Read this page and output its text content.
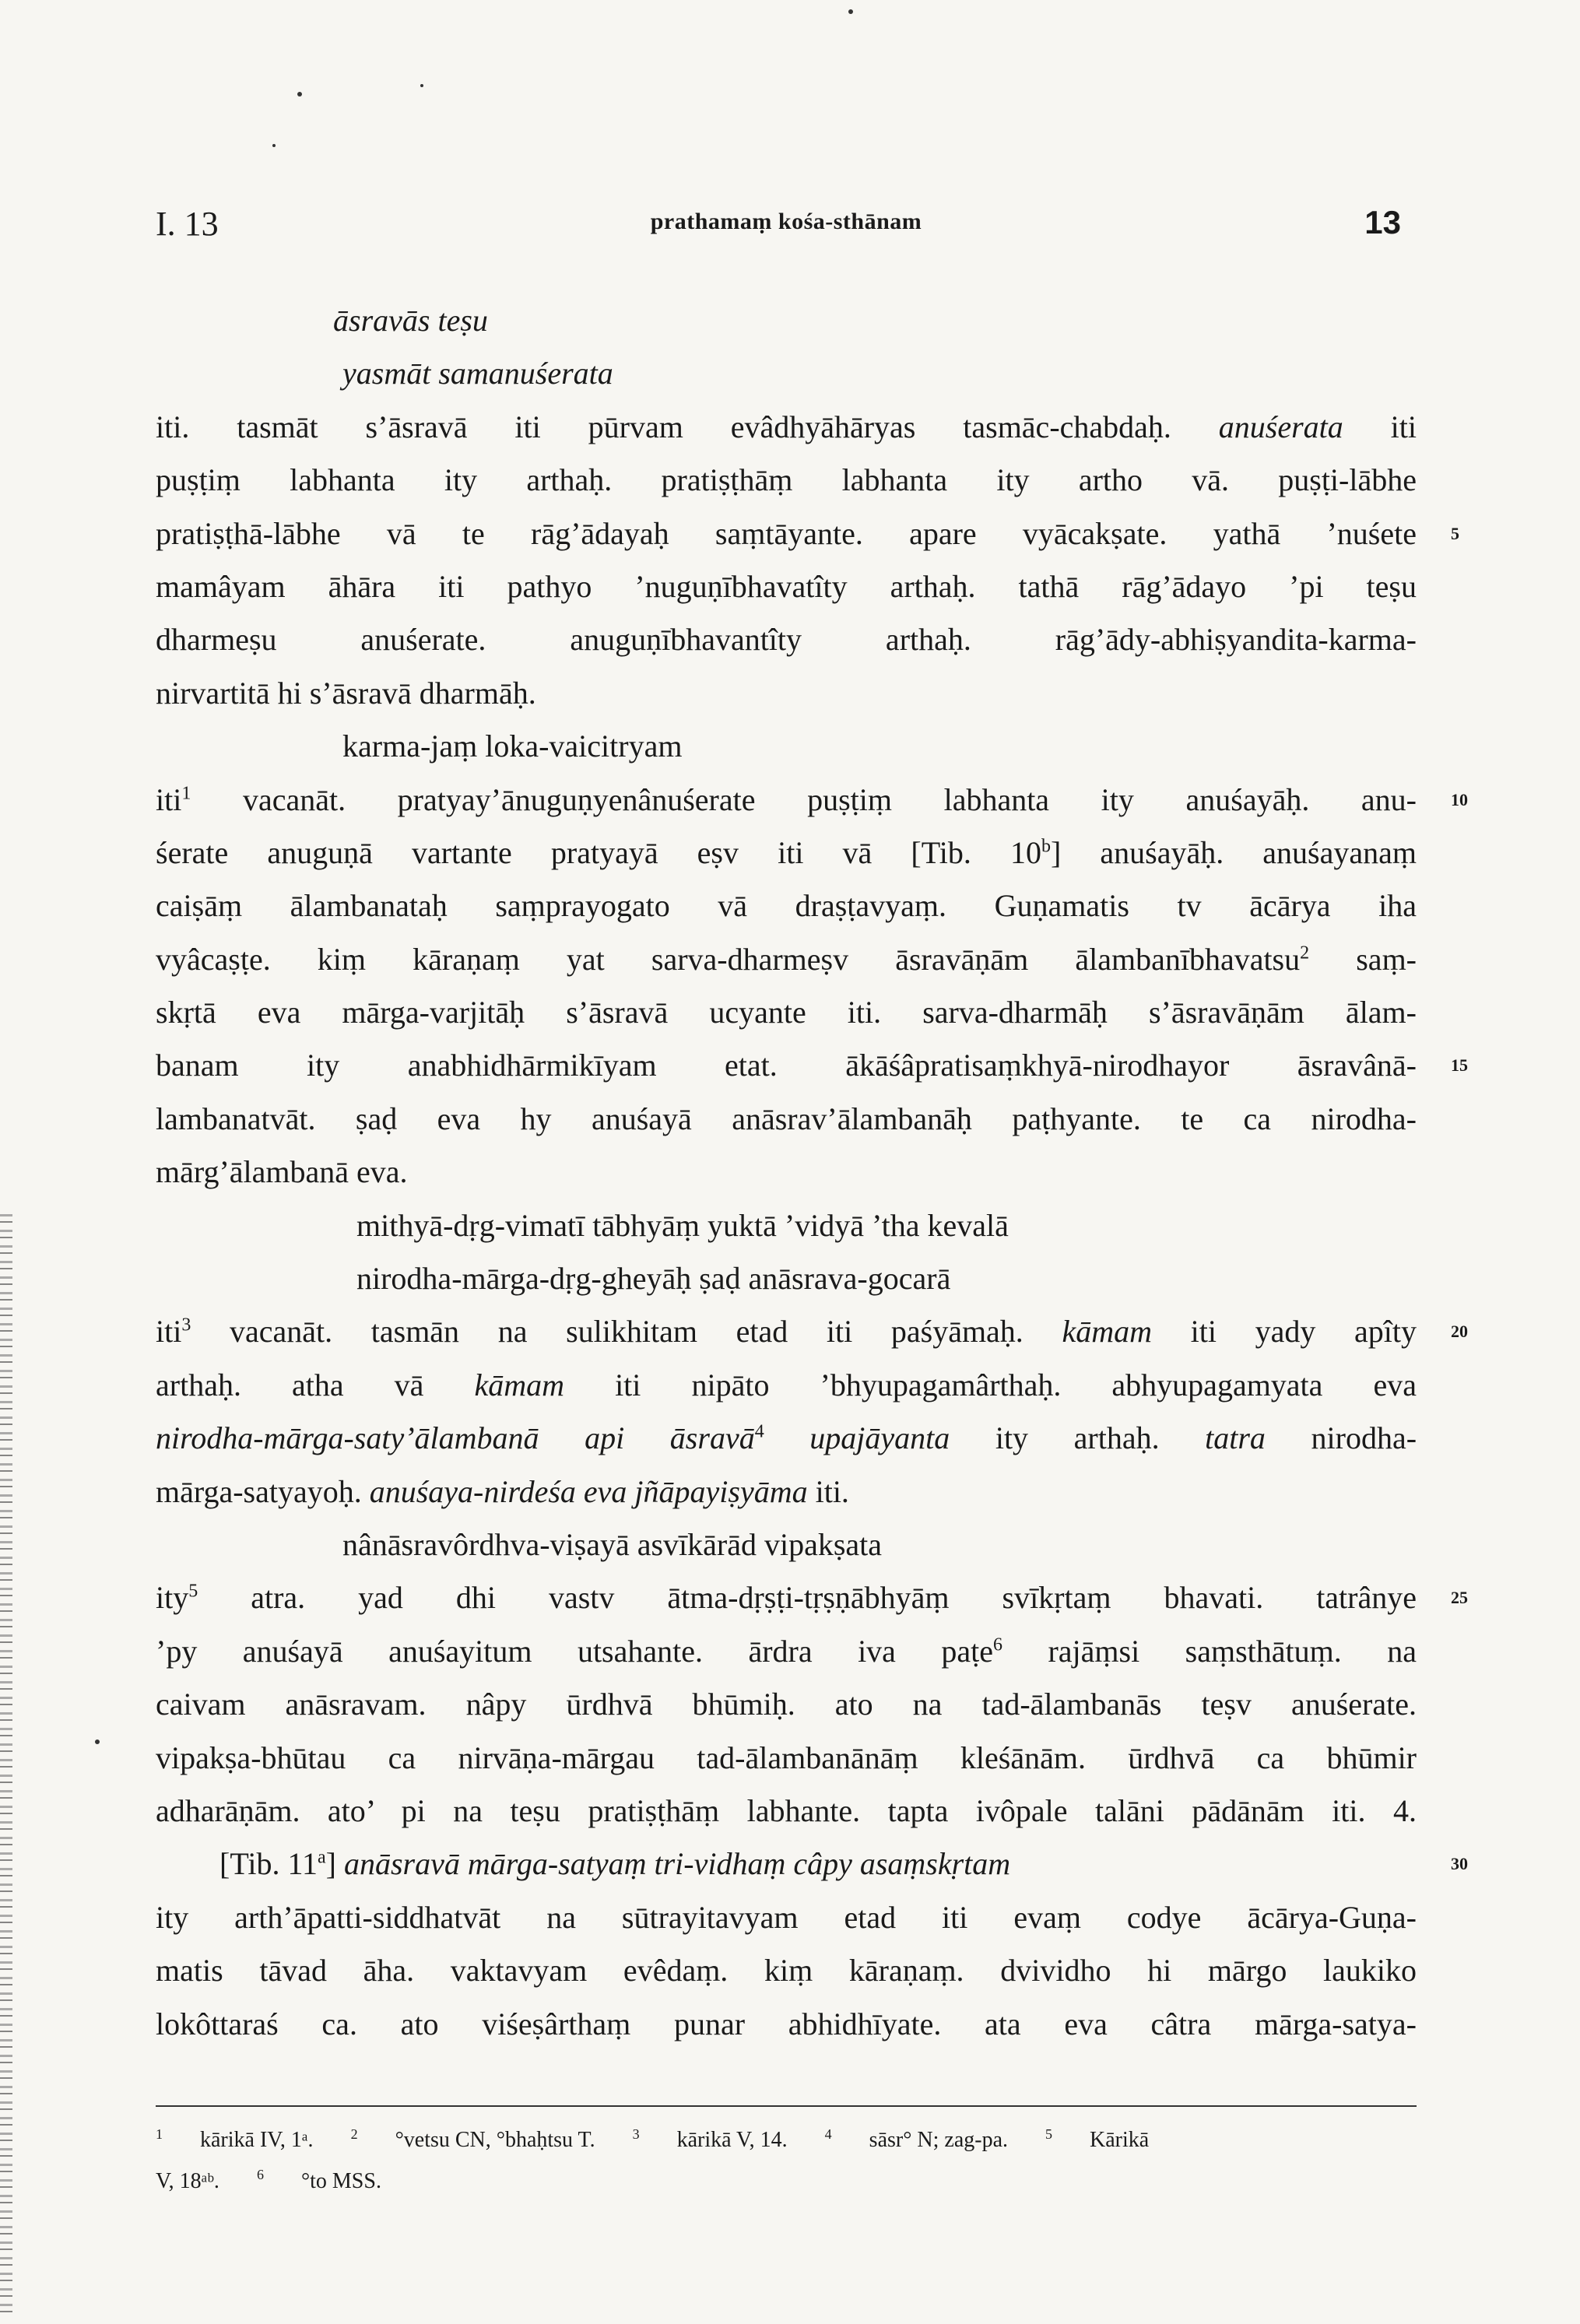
I. 13	prathamaṃ kośa-sthānam	13
āsravās teṣu
yasmāt samanuśerata
iti. tasmāt s’āsravā iti pūrvam evâdhyāhāryas tasmāc-chabdaḥ. anuśerata iti
puṣṭiṃ labhanta ity arthaḥ. pratiṣṭhāṃ labhanta ity artho vā. puṣṭi-lābhe
pratiṣṭhā-lābhe vā te rāg’ādayaḥ saṃtāyante. apare vyācakṣate. yathā ’nuśete 5
mamâyam āhāra iti pathyo ’nuguṇībhavatîty arthaḥ. tathā rāg’ādayo ’pi teṣu
dharmeṣu anuśerate. anuguṇībhavantîty arthaḥ. rāg’ādy-abhiṣyandita-karma-
nirvartitā hi s’āsravā dharmāḥ.
karma-jaṃ loka-vaicitryam
iti$^1$ vacanāt. pratyay’ānuguṇyenânuśerate puṣṭiṃ labhanta ity anuśayāḥ. anu- 10
śerate anuguṇā vartante pratyayā eṣv iti vā [Tib. 10$^b$] anuśayāḥ. anuśayanaṃ
caiṣāṃ ālambanataḥ saṃprayogato vā draṣṭavyaṃ. Guṇamatis tv ācārya iha
vyâcaṣṭe. kiṃ kāraṇaṃ yat sarva-dharmeṣv āsravāṇām ālambanībhavatsu$^2$ saṃ-
skṛtā eva mārga-varjitāḥ s’āsravā ucyante iti. sarva-dharmāḥ s’āsravāṇām ālam-
banam ity anabhidhārmikīyam etat. ākāśâpratisaṃkhyā-nirodhayor āsravânā- 15
lambanatvāt. ṣaḍ eva hy anuśayā anāsrav’ālambanāḥ paṭhyante. te ca nirodha-
mārg’ālambanā eva.
mithyā-dṛg-vimatī tābhyāṃ yuktā ’vidyā ’tha kevalā
nirodha-mārga-dṛg-gheyāḥ ṣaḍ anāsrava-gocarā
iti$^3$ vacanāt. tasmān na sulikhitam etad iti paśyāmaḥ. kāmam iti yady apîty 20
arthaḥ. atha vā kāmam iti nipāto ’bhyupagamârthaḥ. abhyupagamyata eva
nirodha-mārga-saty’ālambanā api āsravā$^4$ upajāyanta ity arthaḥ. tatra nirodha-
mārga-satyayoḥ. anuśaya-nirdeśa eva jñāpayiṣyāma iti.
nânāsravôrdhva-viṣayā asvīkārād vipakṣata
ity$^5$ atra. yad dhi vastv ātma-dṛṣṭi-tṛṣṇābhyāṃ svīkṛtaṃ bhavati. tatrânye 25
’py anuśayā anuśayitum utsahante. ārdra iva paṭe$^6$ rajāṃsi saṃsthātuṃ. na
caivam anāsravam. nâpy ūrdhvā bhūmiḥ. ato na tad-ālambanās teṣv anuśerate.
vipakṣa-bhūtau ca nirvāṇa-mārgau tad-ālambanānāṃ kleśānām. ūrdhvā ca bhūmir
adharāṇām. ato’ pi na teṣu pratiṣṭhāṃ labhante. tapta ivôpale talāni pādānām iti. 4.
[Tib. 11$^a$] anāsravā mārga-satyaṃ tri-vidhaṃ câpy asaṃskṛtam	30
ity arth’āpatti-siddhatvāt na sūtrayitavyam etad iti evaṃ codye ācārya-Guṇa-
matis tāvad āha. vaktavyam evêdaṃ. kiṃ kāraṇaṃ. dvividho hi mārgo laukiko
lokôttaraś ca. ato viśeṣârthaṃ punar abhidhīyate. ata eva câtra mārga-satya-
$^1$ kārikā IV, 1ᵃ.	$^2$ °vetsu CN, °bhaḥtsu T.	$^3$ kārikā V, 14.	$^4$ sāsr° N; zag-pa.	$^5$ Kārikā
V, 18ᵃᵇ.	$^6$ °to MSS.
